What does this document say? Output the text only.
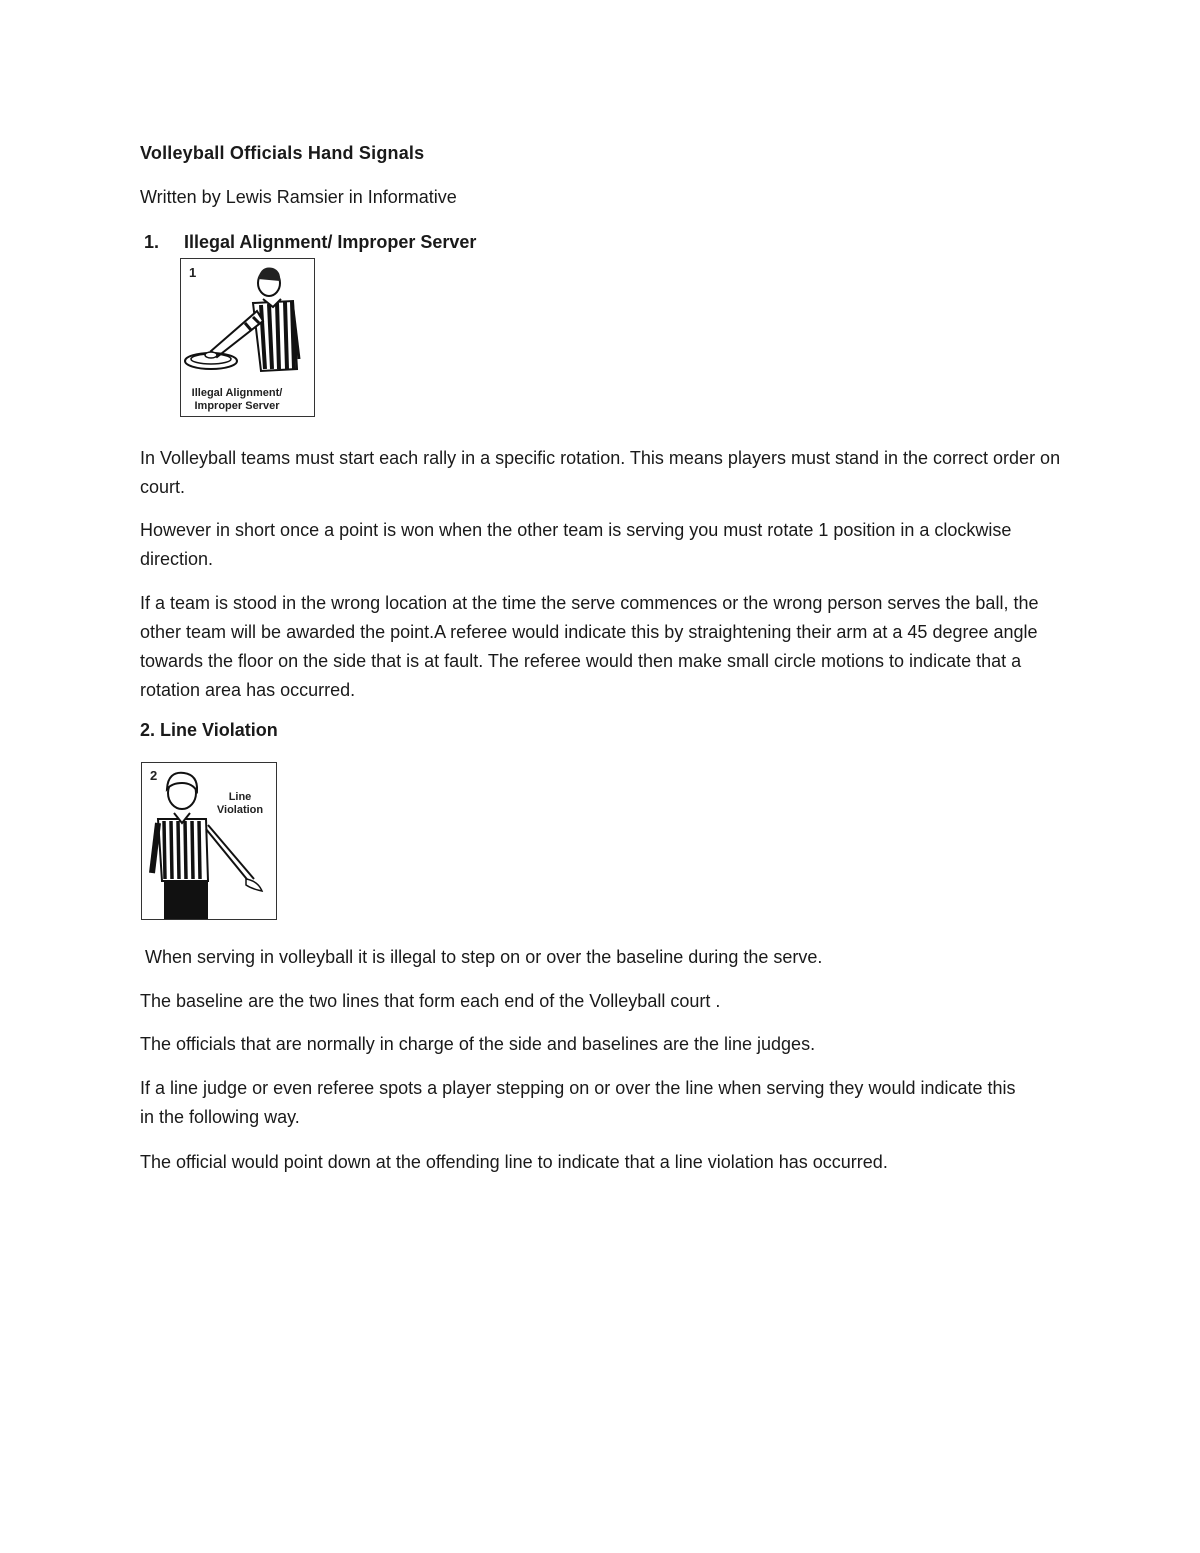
Volleyball Officials Hand Signals
Written by Lewis Ramsier in Informative
1. Illegal Alignment/ Improper Server
1
Illegal Alignment/
Improper Server
In Volleyball teams must start each rally in a specific rotation. This means players must stand in the correct order on court.
However in short once a point is won when the other team is serving you must rotate 1 position in a clockwise direction.
If a team is stood in the wrong location at the time the serve commences or the wrong person serves the ball, the other team will be awarded the point.A referee would indicate this by straightening their arm at a 45 degree angle towards the floor on the side that is at fault. The referee would then make small circle motions to indicate that a rotation area has occurred.
2. Line Violation
2
Line
Violation
When serving in volleyball it is illegal to step on or over the baseline during the serve.
The baseline are the two lines that form each end of the Volleyball court .
The officials that are normally in charge of the side and baselines are the line judges.
If a line judge or even referee spots a player stepping on or over the line when serving they would indicate this in the following way.
The official would point down at the offending line to indicate that a line violation has occurred.
